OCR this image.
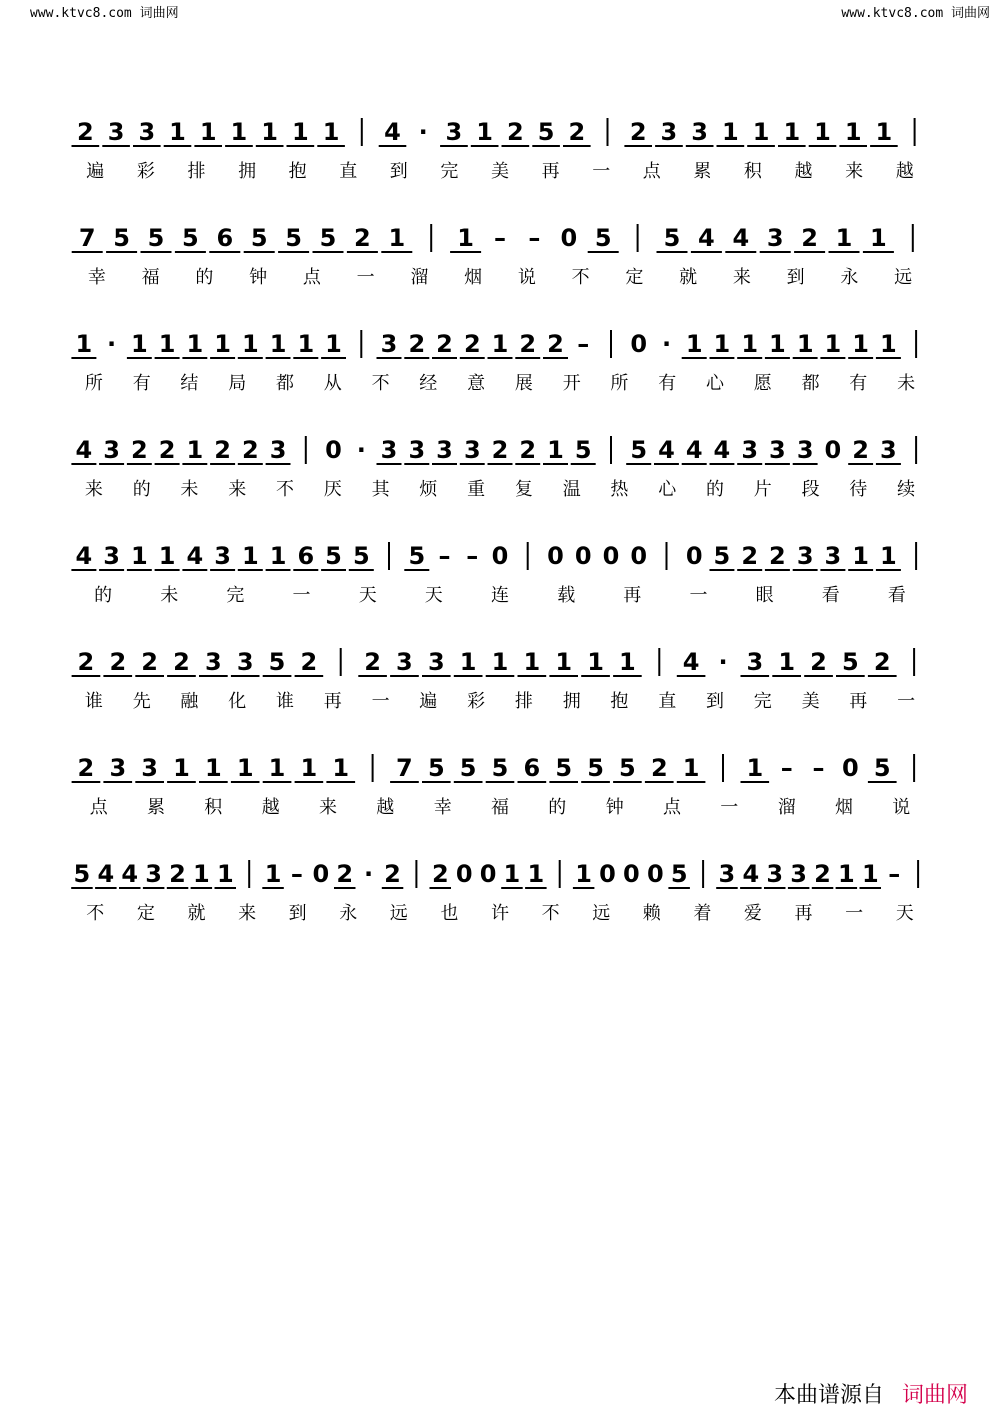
www.ktvc8.com 词曲网	www.ktvc8.com 词曲网
2 3 3 1 1 1 1 1 1 4 · 3 1 2 5 2 2 3 3 1 1 1 1 1 1
遍 彩 排 拥 抱 直 到 完 美 再 一 点 累 积 越 来 越
7 5 5 5 6 5 5 5 2 1 1 – – 0 5 5 4 4 3 2 1 1
幸 福 的 钟 点 一 溜 烟 说 不 定 就 来 到 永 远
1 · 1 1 1 1 1 1 1 1 3 2 2 2 1 2 2 – 0 · 1 1 1 1 1 1 1 1
所 有 结 局 都 从 不 经 意 展 开 所 有 心 愿 都 有 未
4 3 2 2 1 2 2 3 0 · 3 3 3 3 2 2 1 5 5 4 4 4 3 3 3 0 2 3
来 的 未 来 不 厌 其 烦 重 复 温 热 心 的 片 段 待 续
4 3 1 1 4 3 1 1 6 5 5 5 – – 0 0 0 0 0 0 5 2 2 3 3 1 1
的	未	完	一	天	天	连	载	再	一	眼	看	看
2 2 2 2 3 3 5 2 2 3 3 1 1 1 1 1 1 4 · 3 1 2 5 2
谁 先 融 化 谁 再 一 遍 彩 排 拥 抱 直 到 完 美 再 一
2 3 3 1 1 1 1 1 1 7 5 5 5 6 5 5 5 2 1 1 – – 0 5
点 累 积 越 来 越 幸 福 的 钟 点 一 溜 烟 说
5 4 4 3 2 1 1 1 – 0 2 · 2 2 0 0 1 1 1 0 0 0 5 3 4 3 3 2 1 1 –
不 定 就 来 到 永 远 也 许 不 远 赖 着 爱 再 一 天
本曲谱源自 词曲网
